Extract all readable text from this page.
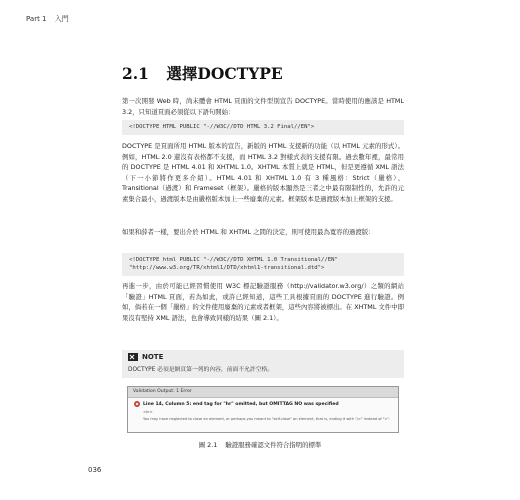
Part 1 入門
2.1 選擇DOCTYPE
第一次開發 Web 時，尚未體會 HTML 頁面的文件型別宣告 DOCTYPE。當時使用的應該是 HTML 3.2，只知道頁面必須從以下語句開始：
<!DOCTYPE HTML PUBLIC "-//W3C//DTD HTML 3.2 Final//EN">
DOCTYPE 是頁面所用 HTML 版本的宣告，新版的 HTML 支援新的功能（以 HTML 元素的形式）。例如，HTML 2.0 還沒有表格都不支援，而 HTML 3.2 對樣式表的支援有限。過去數年裡，最常用的 DOCTYPE 是 HTML 4.01 和 XHTML 1.0。XHTML 本質上就是 HTML，但是更遵循 XML 語法（下一小節將作更多介紹）。HTML 4.01 和 XHTML 1.0 有 3 種風格：Strict（嚴格）、Transitional（過渡）和 Frameset（框架）。嚴格的版本顯然是三者之中最有限制性的，允許的元素集合最小，過渡版本是由嚴格版本加上一些廢棄的元素。框架版本是過渡版本加上框架的支援。
如果和薛者一樣，要出介於 HTML 和 XHTML 之間的決定，則可使用最為寬容的過渡版：
<!DOCTYPE html PUBLIC "-//W3C//DTD XHTML 1.0 Transitional//EN"
"http://www.w3.org/TR/xhtml1/DTD/xhtml1-transitional.dtd">
再進一步，由於可能已經習慣使用 W3C 標記驗證服務（http://validator.w3.org/）之類的網站「驗證」HTML 頁面，若為如此，或許已經知道，這些工具根據頁面的 DOCTYPE 進行驗證。例如，倘若在一個「嚴格」的文件使用廢棄的元素或者框架，這些內容將被標出。在 XHTML 文件中即果沒有堅持 XML 語法，也會導致同樣的結果（圖 2.1）。
NOTE
DOCTYPE 必須是網頁第一列的內容，前面不允許空格。
Validation Output: 1 Error
Line 14, Column 5: end tag for "hr" omitted, but OMITTAG NO was specified
<hr>
You may have neglected to close an element, or perhaps you meant to "self-close" an element, that is, ending it with "/>" instead of ">".
圖 2.1 驗證服務確認文件符合指明的標準
036
